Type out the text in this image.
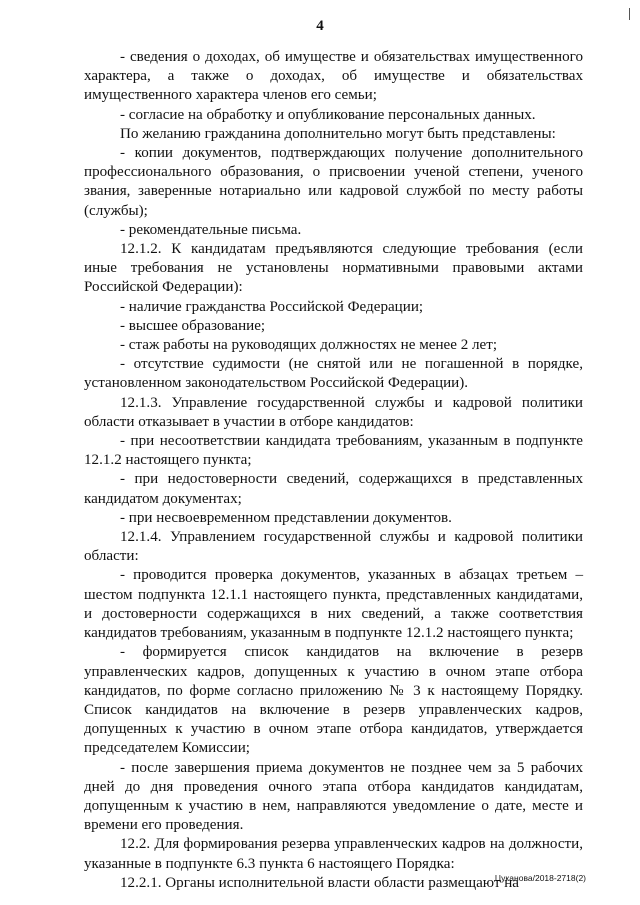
4

- сведения о доходах, об имуществе и обязательствах имущественного характера, а также о доходах, об имуществе и обязательствах имущественного характера членов его семьи;

- согласие на обработку и опубликование персональных данных.

По желанию гражданина дополнительно могут быть представлены:

- копии документов, подтверждающих получение дополнительного профессионального образования, о присвоении ученой степени, ученого звания, заверенные нотариально или кадровой службой по месту работы (службы);

- рекомендательные письма.

12.1.2. К кандидатам предъявляются следующие требования (если иные требования не установлены нормативными правовыми актами Российской Федерации):

- наличие гражданства Российской Федерации;

- высшее образование;

- стаж работы на руководящих должностях не менее 2 лет;

- отсутствие судимости (не снятой или не погашенной в порядке, установленном законодательством Российской Федерации).

12.1.3. Управление государственной службы и кадровой политики области отказывает в участии в отборе кандидатов:

- при несоответствии кандидата требованиям, указанным в подпункте 12.1.2 настоящего пункта;

- при недостоверности сведений, содержащихся в представленных кандидатом документах;

- при несвоевременном представлении документов.

12.1.4. Управлением государственной службы и кадровой политики области:

- проводится проверка документов, указанных в абзацах третьем – шестом подпункта 12.1.1 настоящего пункта, представленных кандидатами, и достоверности содержащихся в них сведений, а также соответствия кандидатов требованиям, указанным в подпункте 12.1.2 настоящего пункта;

- формируется список кандидатов на включение в резерв управленческих кадров, допущенных к участию в очном этапе отбора кандидатов, по форме согласно приложению № 3 к настоящему Порядку. Список кандидатов на включение в резерв управленческих кадров, допущенных к участию в очном этапе отбора кандидатов, утверждается председателем Комиссии;

- после завершения приема документов не позднее чем за 5 рабочих дней до дня проведения очного этапа отбора кандидатов кандидатам, допущенным к участию в нем, направляются уведомление о дате, месте и времени его проведения.

12.2. Для формирования резерва управленческих кадров на должности, указанные в подпункте 6.3 пункта 6 настоящего Порядка:

12.2.1. Органы исполнительной власти области размещают на

Цуканова/2018-2718(2)
